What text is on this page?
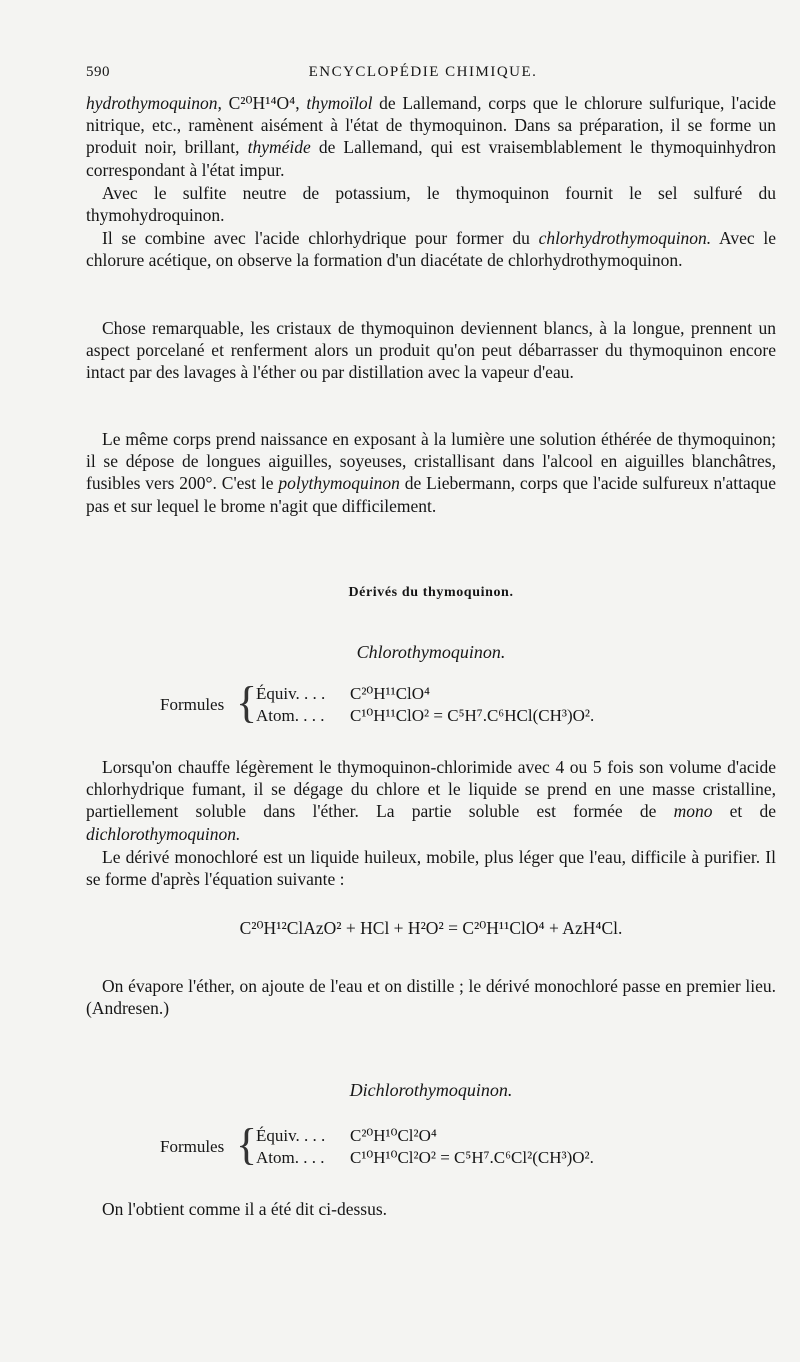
590	ENCYCLOPÉDIE CHIMIQUE.

hydrothymoquinon, C²⁰H¹⁴O⁴, thymoïlol de Lallemand, corps que le chlorure sulfurique, l'acide nitrique, etc., ramènent aisément à l'état de thymoquinon. Dans sa préparation, il se forme un produit noir, brillant, thyméide de Lallemand, qui est vraisemblablement le thymoquinhydron correspondant à l'état impur.

Avec le sulfite neutre de potassium, le thymoquinon fournit le sel sulfuré du thymohydroquinon.

Il se combine avec l'acide chlorhydrique pour former du chlorhydrothymoquinon. Avec le chlorure acétique, on observe la formation d'un diacétate de chlorhydrothymoquinon.

Chose remarquable, les cristaux de thymoquinon deviennent blancs, à la longue, prennent un aspect porcelané et renferment alors un produit qu'on peut débarrasser du thymoquinon encore intact par des lavages à l'éther ou par distillation avec la vapeur d'eau.

Le même corps prend naissance en exposant à la lumière une solution éthérée de thymoquinon; il se dépose de longues aiguilles, soyeuses, cristallisant dans l'alcool en aiguilles blanchâtres, fusibles vers 200°. C'est le polythymoquinon de Liebermann, corps que l'acide sulfureux n'attaque pas et sur lequel le brome n'agit que difficilement.

Dérivés du thymoquinon.
Chlorothymoquinon.
Formules {
Équiv. . . . C²⁰H¹¹ClO⁴
Atom. . . . C¹⁰H¹¹ClO² = C⁵H⁷.C⁶HCl(CH³)O².

Lorsqu'on chauffe légèrement le thymoquinon-chlorimide avec 4 ou 5 fois son volume d'acide chlorhydrique fumant, il se dégage du chlore et le liquide se prend en une masse cristalline, partiellement soluble dans l'éther. La partie soluble est formée de mono et de dichlorothymoquinon.

Le dérivé monochloré est un liquide huileux, mobile, plus léger que l'eau, difficile à purifier. Il se forme d'après l'équation suivante :

C²⁰H¹²ClAzO² + HCl + H²O² = C²⁰H¹¹ClO⁴ + AzH⁴Cl.

On évapore l'éther, on ajoute de l'eau et on distille ; le dérivé monochloré passe en premier lieu. (Andresen.)

Dichlorothymoquinon.
Formules {
Équiv. . . . C²⁰H¹⁰Cl²O⁴
Atom. . . . C¹⁰H¹⁰Cl²O² = C⁵H⁷.C⁶Cl²(CH³)O².

On l'obtient comme il a été dit ci-dessus.
